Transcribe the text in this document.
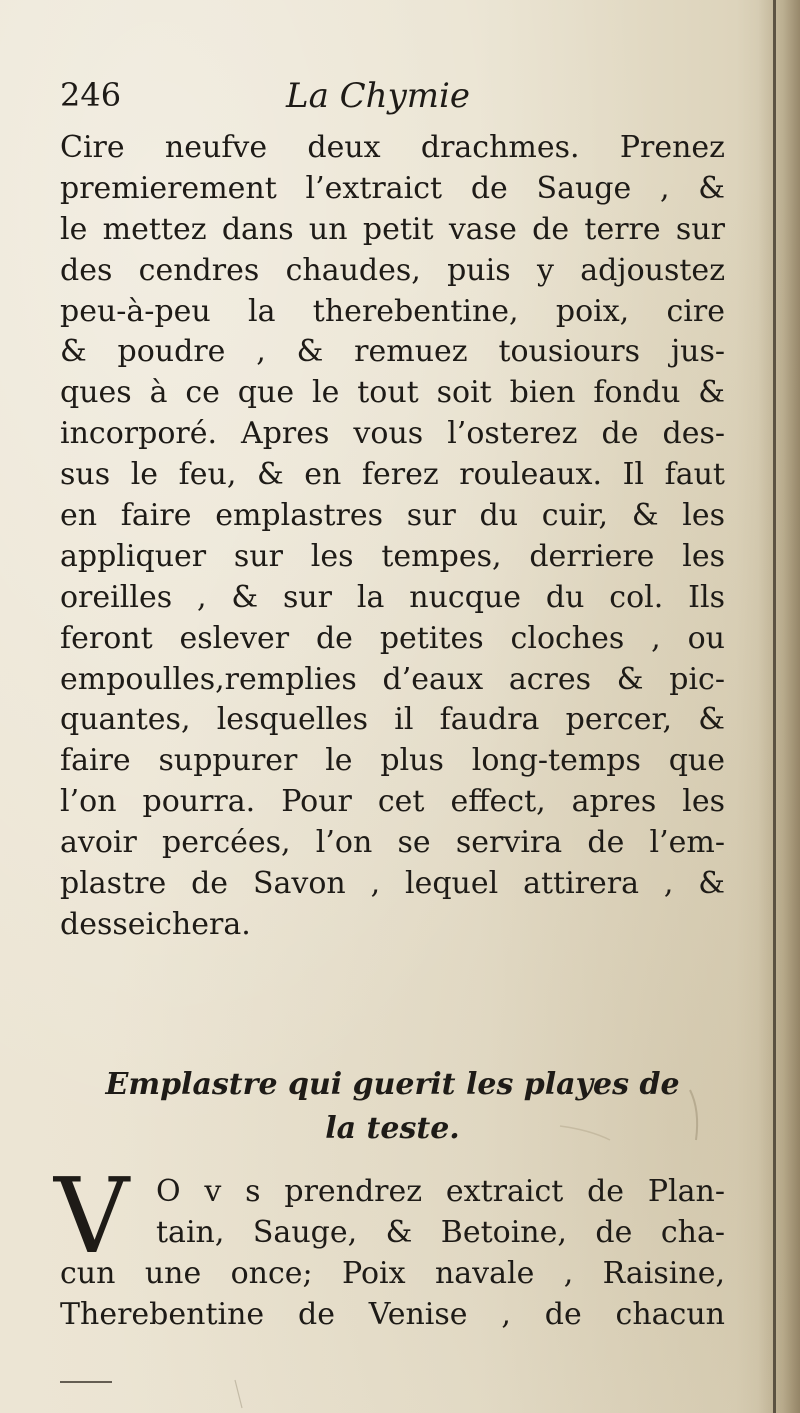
246	La Chymie
Cire neufve deux drachmes. Prenez
premierement l’extraict de Sauge , &
le mettez dans un petit vase de terre sur
des cendres chaudes, puis y adjoustez
peu-à-peu la therebentine, poix, cire
& poudre , & remuez tousiours jus-
ques à ce que le tout soit bien fondu &
incorporé. Apres vous l’osterez de des-
sus le feu, & en ferez rouleaux. Il faut
en faire emplastres sur du cuir, & les
appliquer sur les tempes, derriere les
oreilles , & sur la nucque du col. Ils
feront eslever de petites cloches , ou
empoulles,remplies d’eaux acres & pic-
quantes, lesquelles il faudra percer, &
faire suppurer le plus long-temps que
l’on pourra. Pour cet effect, apres les
avoir percées, l’on se servira de l’em-
plastre de Savon , lequel attirera , &
desseichera.
Emplastre qui guerit les playes de
la teste.
V O v s prendrez extraict de Plan-
tain, Sauge, & Betoine, de cha-
cun une once; Poix navale , Raisine,
Therebentine de Venise , de chacun
